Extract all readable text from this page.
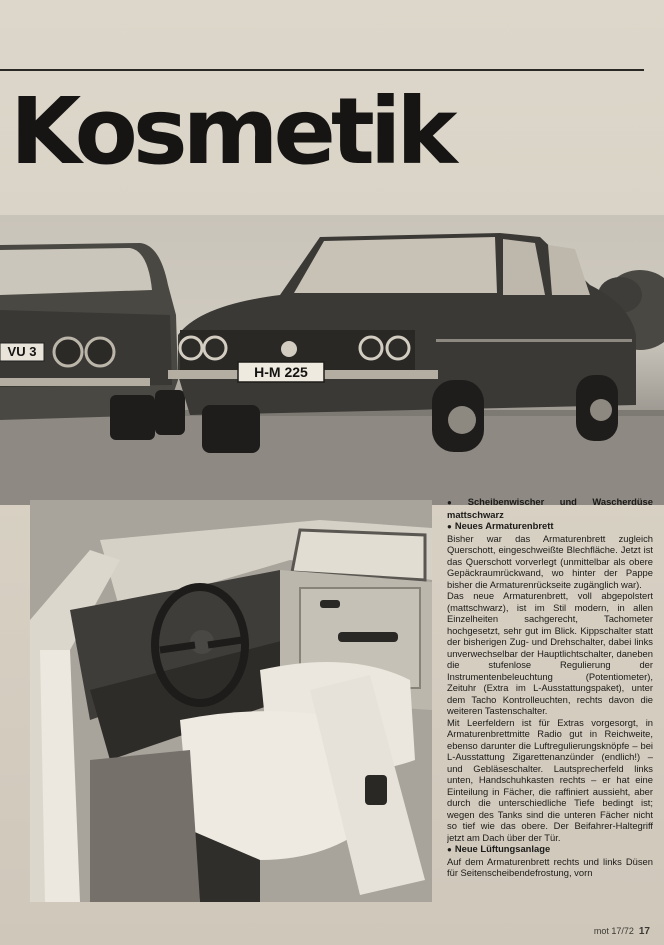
Kosmetik
VU 3
H-M 225

● Scheibenwischer und Wascherdüse mattschwarz

● Neues Armaturenbrett

Bisher war das Armaturenbrett zugleich Querschott, eingeschweißte Blechfläche. Jetzt ist das Querschott vorverlegt (unmittelbar als obere Gepäckraumrückwand, wo hinter der Pappe bisher die Armaturenrückseite zugänglich war).

Das neue Armaturenbrett, voll abgepolstert (mattschwarz), ist im Stil modern, in allen Einzelheiten sachgerecht, Tachometer hochgesetzt, sehr gut im Blick. Kippschalter statt der bisherigen Zug- und Drehschalter, dabei links unverwechselbar der Hauptlichtschalter, daneben die stufenlose Regulierung der Instrumentenbeleuchtung (Potentiometer), Zeituhr (Extra im L-Ausstattungspaket), unter dem Tacho Kontrolleuchten, rechts davon die weiteren Tastenschalter.

Mit Leerfeldern ist für Extras vorgesorgt, in Armaturenbrettmitte Radio gut in Reichweite, ebenso darunter die Luftregulierungsknöpfe – bei L-Ausstattung Zigarettenanzünder (endlich!) – und Gebläseschalter. Lautsprecherfeld links unten, Handschuhkasten rechts – er hat eine Einteilung in Fächer, die raffiniert aussieht, aber durch die unterschiedliche Tiefe bedingt ist; wegen des Tanks sind die unteren Fächer nicht so tief wie das obere. Der Beifahrer-Haltegriff jetzt am Dach über der Tür.

● Neue Lüftungsanlage

Auf dem Armaturenbrett rechts und links Düsen für Seitenscheibendefrostung, vorn

mot 17/72 17
